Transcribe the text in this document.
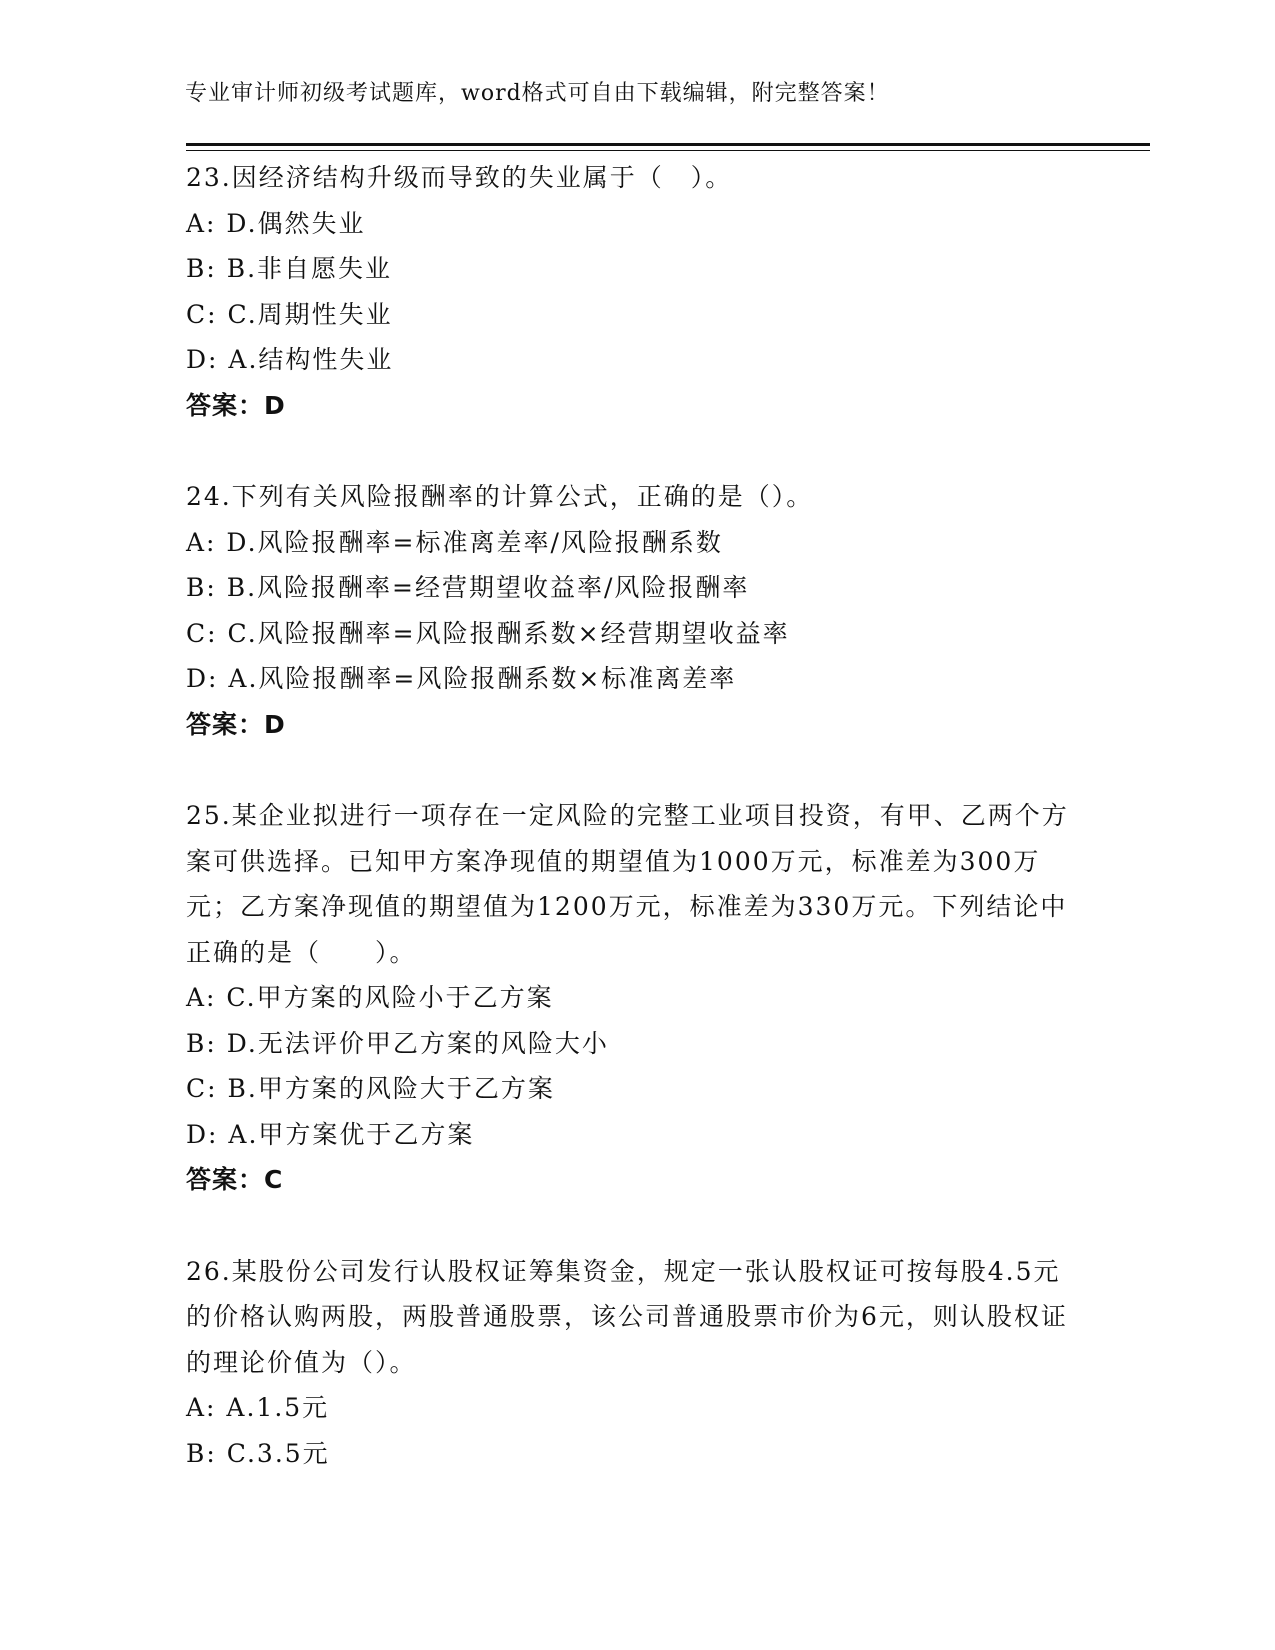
专业审计师初级考试题库，word格式可自由下载编辑，附完整答案！

23.因经济结构升级而导致的失业属于（　）。

A: D.偶然失业

B: B.非自愿失业

C: C.周期性失业

D: A.结构性失业

答案：D

24.下列有关风险报酬率的计算公式，正确的是（）。

A: D.风险报酬率=标准离差率/风险报酬系数

B: B.风险报酬率=经营期望收益率/风险报酬率

C: C.风险报酬率=风险报酬系数×经营期望收益率

D: A.风险报酬率=风险报酬系数×标准离差率

答案：D

25.某企业拟进行一项存在一定风险的完整工业项目投资，有甲、乙两个方案可供选择。已知甲方案净现值的期望值为1000万元，标准差为300万元；乙方案净现值的期望值为1200万元，标准差为330万元。下列结论中正确的是（　　）。

A: C.甲方案的风险小于乙方案

B: D.无法评价甲乙方案的风险大小

C: B.甲方案的风险大于乙方案

D: A.甲方案优于乙方案

答案：C

26.某股份公司发行认股权证筹集资金，规定一张认股权证可按每股4.5元的价格认购两股，两股普通股票，该公司普通股票市价为6元，则认股权证的理论价值为（）。

A: A.1.5元

B: C.3.5元
